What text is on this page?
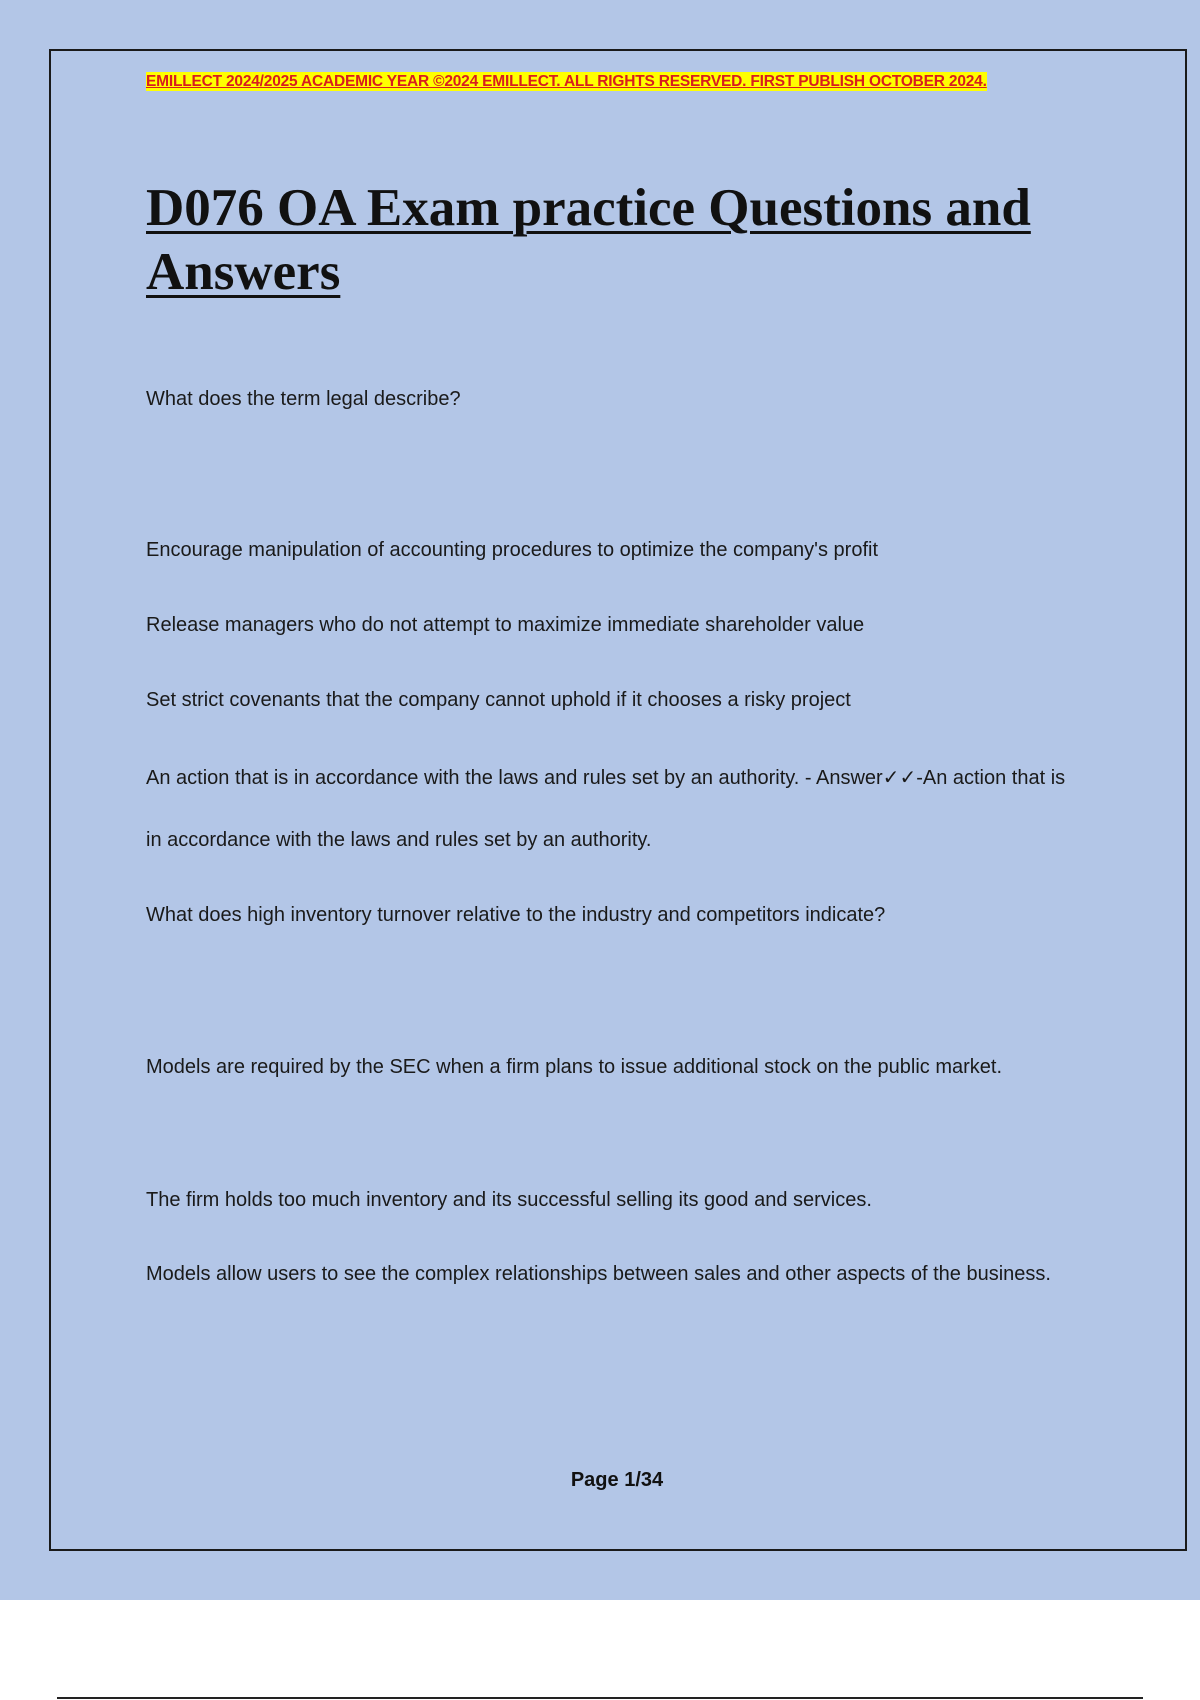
EMILLECT 2024/2025 ACADEMIC YEAR ©2024 EMILLECT. ALL RIGHTS RESERVED. FIRST PUBLISH OCTOBER 2024.

D076 OA Exam practice Questions and Answers

What does the term legal describe?

Encourage manipulation of accounting procedures to optimize the company's profit

Release managers who do not attempt to maximize immediate shareholder value

Set strict covenants that the company cannot uphold if it chooses a risky project

An action that is in accordance with the laws and rules set by an authority. - Answer✓✓-An action that is in accordance with the laws and rules set by an authority.

What does high inventory turnover relative to the industry and competitors indicate?

Models are required by the SEC when a firm plans to issue additional stock on the public market.

The firm holds too much inventory and its successful selling its good and services.

Models allow users to see the complex relationships between sales and other aspects of the business.

Page 1/34
